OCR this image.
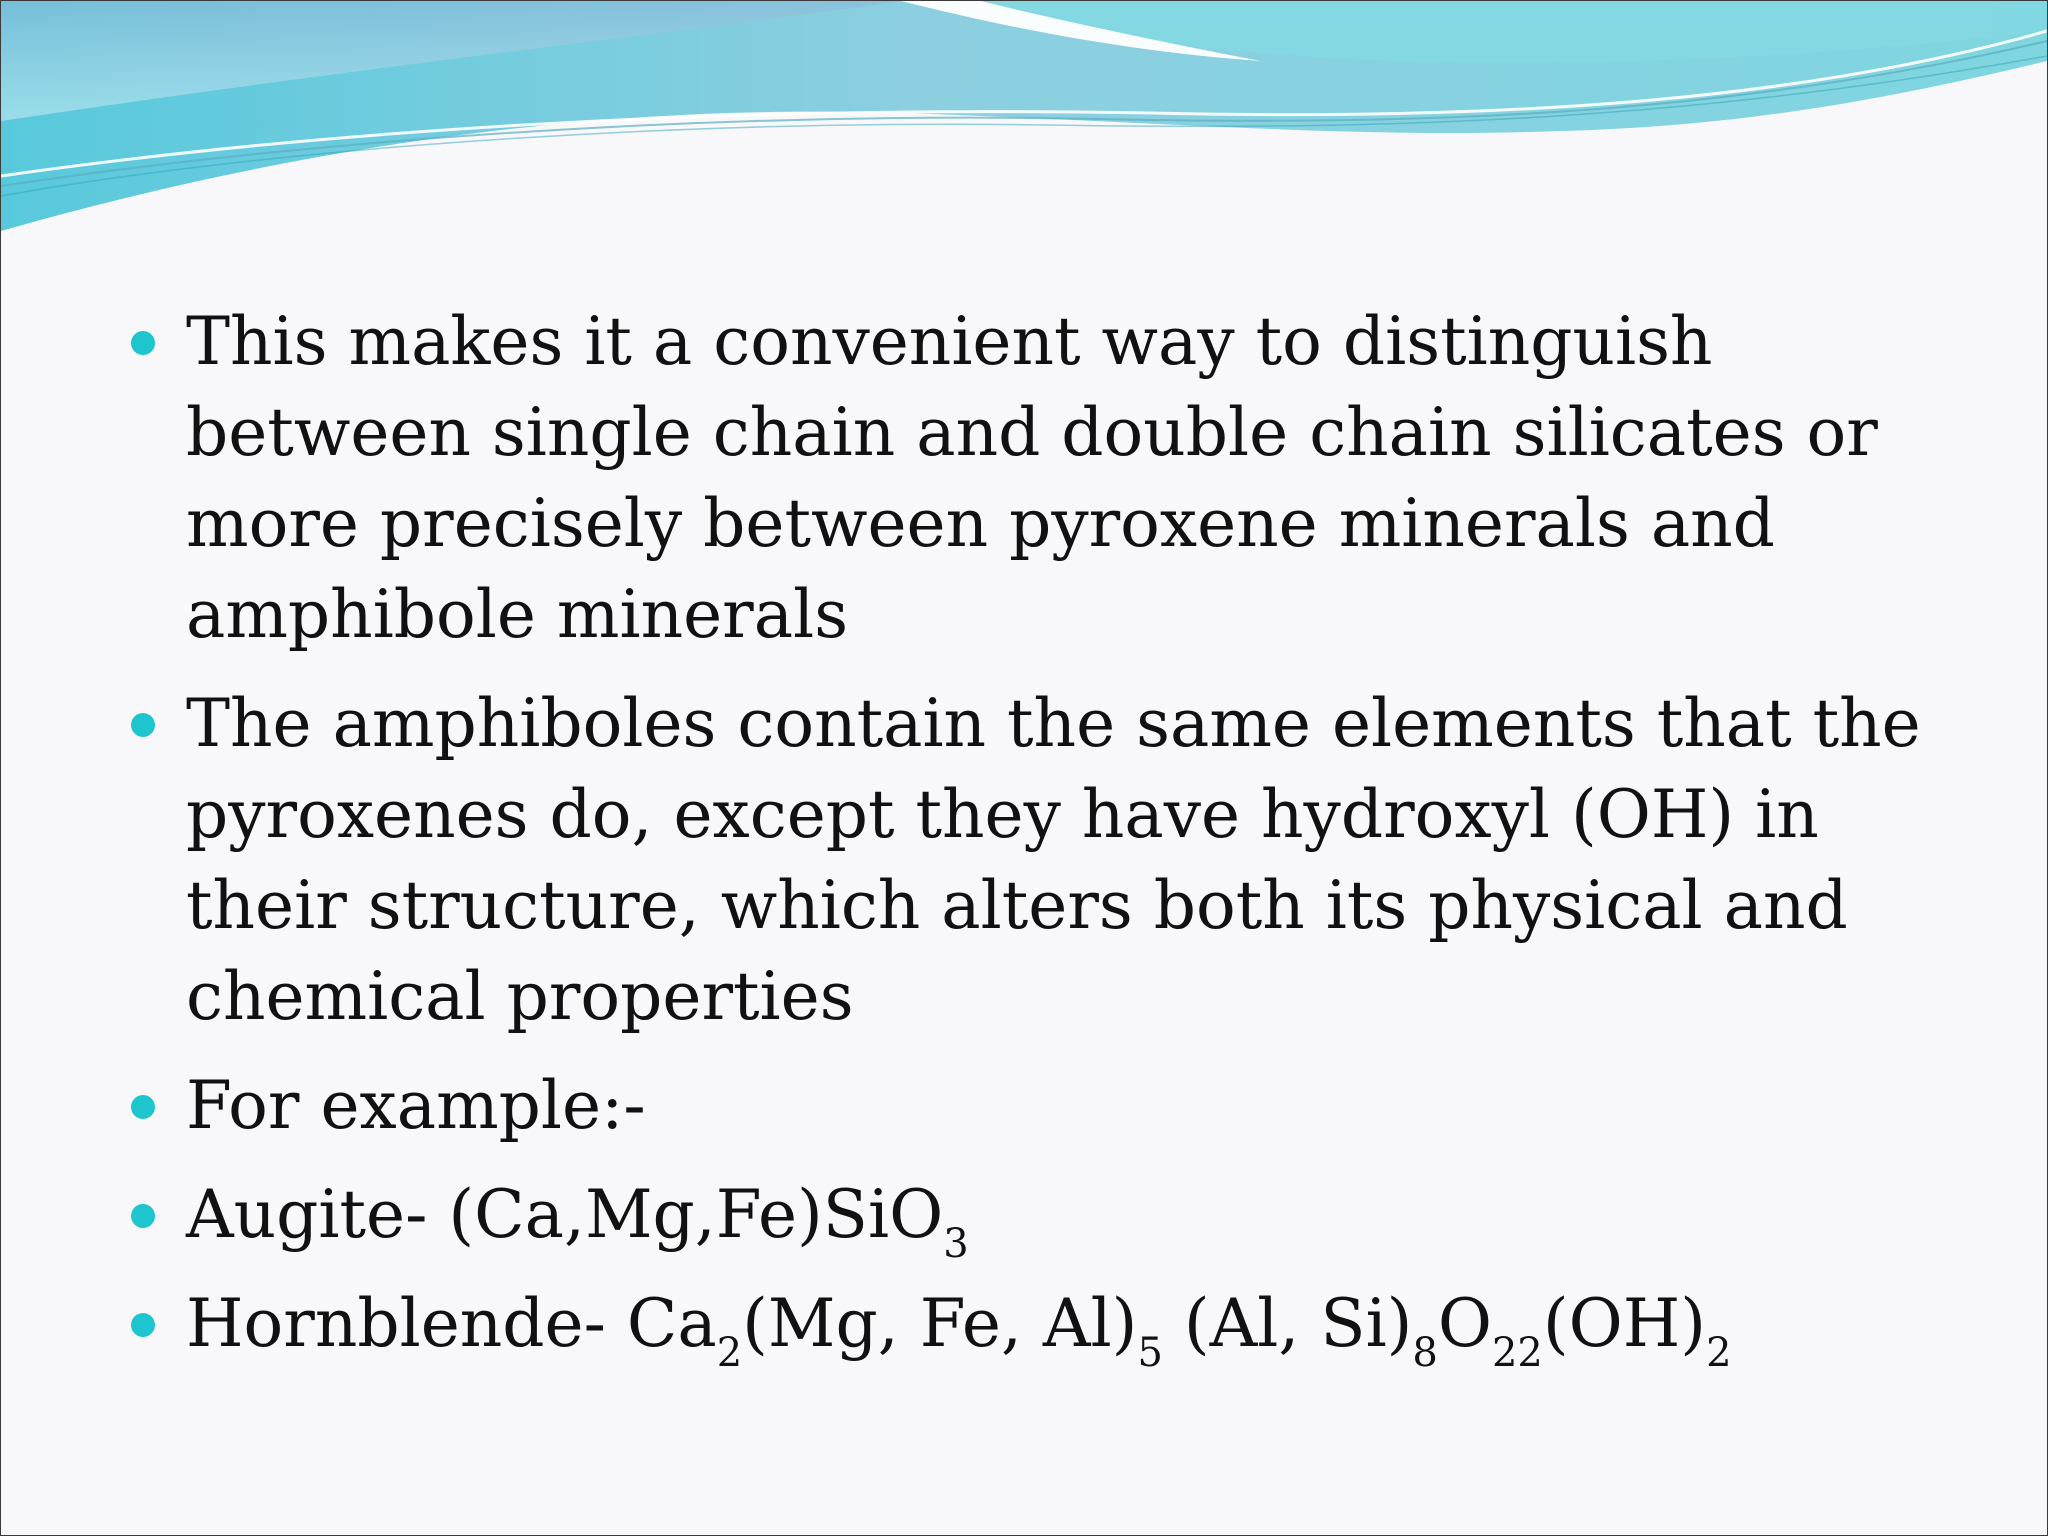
This makes it a convenient way to distinguish between single chain and double chain silicates or more precisely between pyroxene minerals and amphibole minerals
The amphiboles contain the same elements that the pyroxenes do, except they have hydroxyl (OH) in their structure, which alters both its physical and chemical properties
For example:-
Augite- (Ca,Mg,Fe)SiO$_3$
Hornblende- $Ca_2(Mg$, Fe, $Al)_5$ (Al, $Si)_8O_{22}(OH)_2$
